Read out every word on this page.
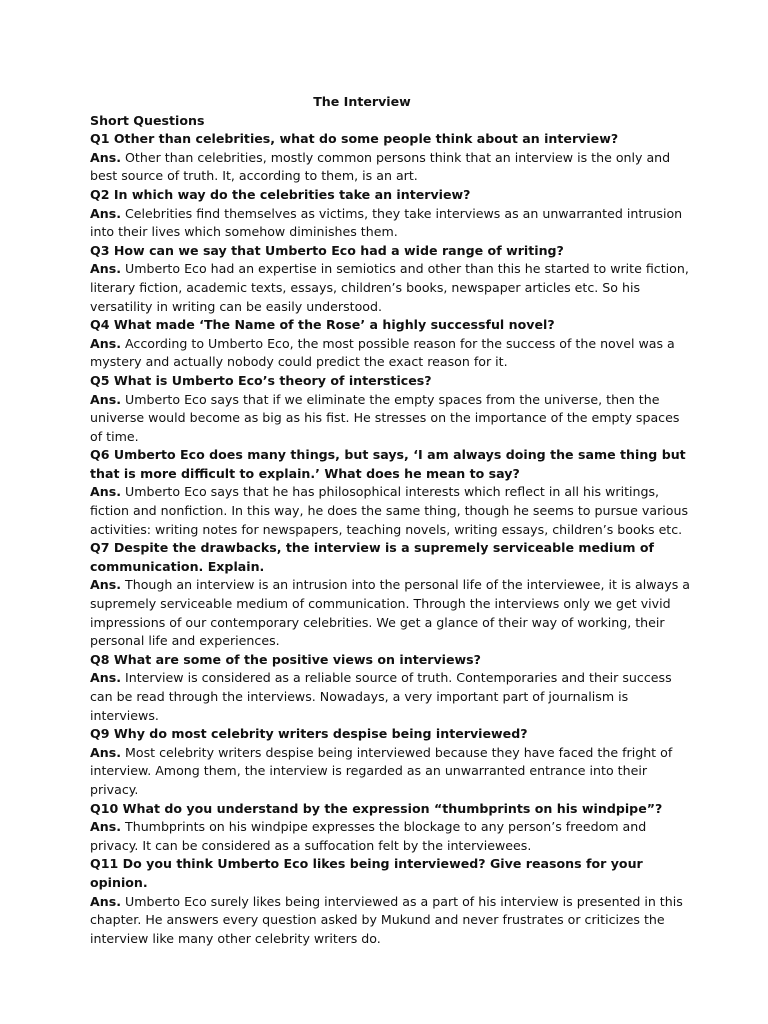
The Interview

Short Questions

Q1 Other than celebrities, what do some people think about an interview?

Ans. Other than celebrities, mostly common persons think that an interview is the only and best source of truth. It, according to them, is an art.

Q2 In which way do the celebrities take an interview?

Ans. Celebrities find themselves as victims, they take interviews as an unwarranted intrusion into their lives which somehow diminishes them.

Q3 How can we say that Umberto Eco had a wide range of writing?

Ans. Umberto Eco had an expertise in semiotics and other than this he started to write fiction, literary fiction, academic texts, essays, children’s books, newspaper articles etc. So his versatility in writing can be easily understood.

Q4 What made ‘The Name of the Rose’ a highly successful novel?

Ans. According to Umberto Eco, the most possible reason for the success of the novel was a mystery and actually nobody could predict the exact reason for it.

Q5 What is Umberto Eco’s theory of interstices?

Ans. Umberto Eco says that if we eliminate the empty spaces from the universe, then the universe would become as big as his fist. He stresses on the importance of the empty spaces of time.

Q6 Umberto Eco does many things, but says, ‘I am always doing the same thing but that is more difficult to explain.’ What does he mean to say?

Ans. Umberto Eco says that he has philosophical interests which reflect in all his writings, fiction and nonfiction. In this way, he does the same thing, though he seems to pursue various activities: writing notes for newspapers, teaching novels, writing essays, children’s books etc.

Q7 Despite the drawbacks, the interview is a supremely serviceable medium of communication. Explain.

Ans. Though an interview is an intrusion into the personal life of the interviewee, it is always a supremely serviceable medium of communication. Through the interviews only we get vivid impressions of our contemporary celebrities. We get a glance of their way of working, their personal life and experiences.

Q8 What are some of the positive views on interviews?

Ans. Interview is considered as a reliable source of truth. Contemporaries and their success can be read through the interviews. Nowadays, a very important part of journalism is interviews.

Q9 Why do most celebrity writers despise being interviewed?

Ans. Most celebrity writers despise being interviewed because they have faced the fright of interview. Among them, the interview is regarded as an unwarranted entrance into their privacy.

Q10 What do you understand by the expression “thumbprints on his windpipe”?

Ans. Thumbprints on his windpipe expresses the blockage to any person’s freedom and privacy. It can be considered as a suffocation felt by the interviewees.

Q11 Do you think Umberto Eco likes being interviewed? Give reasons for your opinion.

Ans. Umberto Eco surely likes being interviewed as a part of his interview is presented in this chapter. He answers every question asked by Mukund and never frustrates or criticizes the interview like many other celebrity writers do.
